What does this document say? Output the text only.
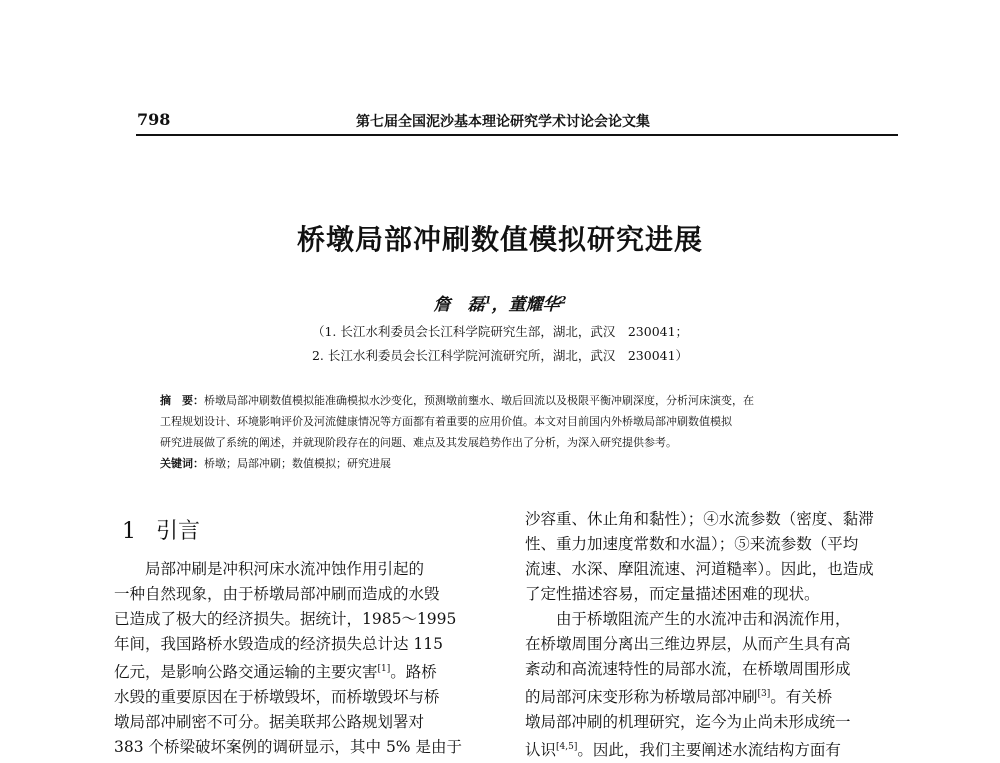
798	第七届全国泥沙基本理论研究学术讨论会论文集
桥墩局部冲刷数值模拟研究进展
詹　磊$^1$，董耀华$^2$
（1. 长江水利委员会长江科学院研究生部，湖北，武汉　230041；
2. 长江水利委员会长江科学院河流研究所，湖北，武汉　230041）
摘　要：桥墩局部冲刷数值模拟能准确模拟水沙变化，预测墩前壅水、墩后回流以及极限平衡冲刷深度，分析河床演变，在
工程规划设计、环境影响评价及河流健康情况等方面都有着重要的应用价值。本文对目前国内外桥墩局部冲刷数值模拟
研究进展做了系统的阐述，并就现阶段存在的问题、难点及其发展趋势作出了分析，为深入研究提供参考。
关键词：桥墩；局部冲刷；数值模拟；研究进展
1 引言
局部冲刷是冲积河床水流冲蚀作用引起的
一种自然现象，由于桥墩局部冲刷而造成的水毁
已造成了极大的经济损失。据统计，1985～1995
年间，我国路桥水毁造成的经济损失总计达 115
亿元，是影响公路交通运输的主要灾害[1]。路桥
水毁的重要原因在于桥墩毁坏，而桥墩毁坏与桥
墩局部冲刷密不可分。据美联邦公路规划署对
383 个桥梁破坏案例的调研显示，其中 5% 是由于
沙容重、休止角和黏性）；④水流参数（密度、黏滞
性、重力加速度常数和水温）；⑤来流参数（平均
流速、水深、摩阻流速、河道糙率）。因此，也造成
了定性描述容易，而定量描述困难的现状。
由于桥墩阻流产生的水流冲击和涡流作用，
在桥墩周围分离出三维边界层，从而产生具有高
紊动和高流速特性的局部水流，在桥墩周围形成
的局部河床变形称为桥墩局部冲刷[3]。有关桥
墩局部冲刷的机理研究，迄今为止尚未形成统一
认识[4,5]。因此，我们主要阐述水流结构方面有
